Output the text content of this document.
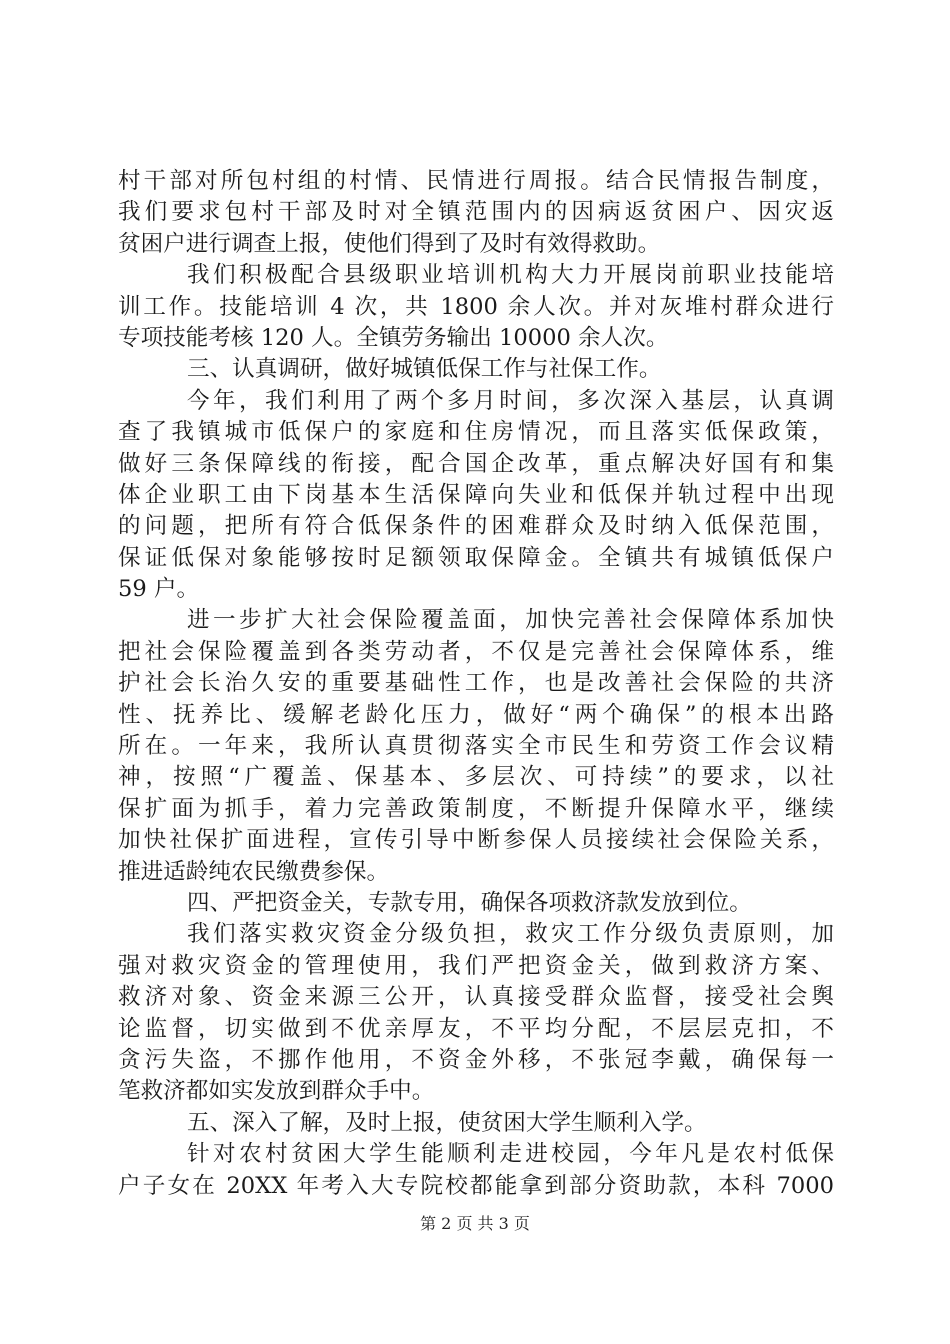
村干部对所包村组的村情、民情进行周报。结合民情报告制度，
我们要求包村干部及时对全镇范围内的因病返贫困户、因灾返
贫困户进行调查上报，使他们得到了及时有效得救助。
我们积极配合县级职业培训机构大力开展岗前职业技能培
训工作。技能培训 4 次，共 1800 余人次。并对灰堆村群众进行
专项技能考核 120 人。全镇劳务输出 10000 余人次。
三、认真调研，做好城镇低保工作与社保工作。
今年，我们利用了两个多月时间，多次深入基层，认真调
查了我镇城市低保户的家庭和住房情况，而且落实低保政策，
做好三条保障线的衔接，配合国企改革，重点解决好国有和集
体企业职工由下岗基本生活保障向失业和低保并轨过程中出现
的问题，把所有符合低保条件的困难群众及时纳入低保范围，
保证低保对象能够按时足额领取保障金。全镇共有城镇低保户
59 户。
进一步扩大社会保险覆盖面，加快完善社会保障体系加快
把社会保险覆盖到各类劳动者，不仅是完善社会保障体系，维
护社会长治久安的重要基础性工作，也是改善社会保险的共济
性、抚养比、缓解老龄化压力，做好“两个确保”的根本出路
所在。一年来，我所认真贯彻落实全市民生和劳资工作会议精
神，按照“广覆盖、保基本、多层次、可持续”的要求，以社
保扩面为抓手，着力完善政策制度，不断提升保障水平，继续
加快社保扩面进程，宣传引导中断参保人员接续社会保险关系，
推进适龄纯农民缴费参保。
四、严把资金关，专款专用，确保各项救济款发放到位。
我们落实救灾资金分级负担，救灾工作分级负责原则，加
强对救灾资金的管理使用，我们严把资金关，做到救济方案、
救济对象、资金来源三公开，认真接受群众监督，接受社会舆
论监督，切实做到不优亲厚友，不平均分配，不层层克扣，不
贪污失盗，不挪作他用，不资金外移，不张冠李戴，确保每一
笔救济都如实发放到群众手中。
五、深入了解，及时上报，使贫困大学生顺利入学。
针对农村贫困大学生能顺利走进校园，今年凡是农村低保
户子女在 20XX 年考入大专院校都能拿到部分资助款，本科 7000
第 2 页 共 3 页
